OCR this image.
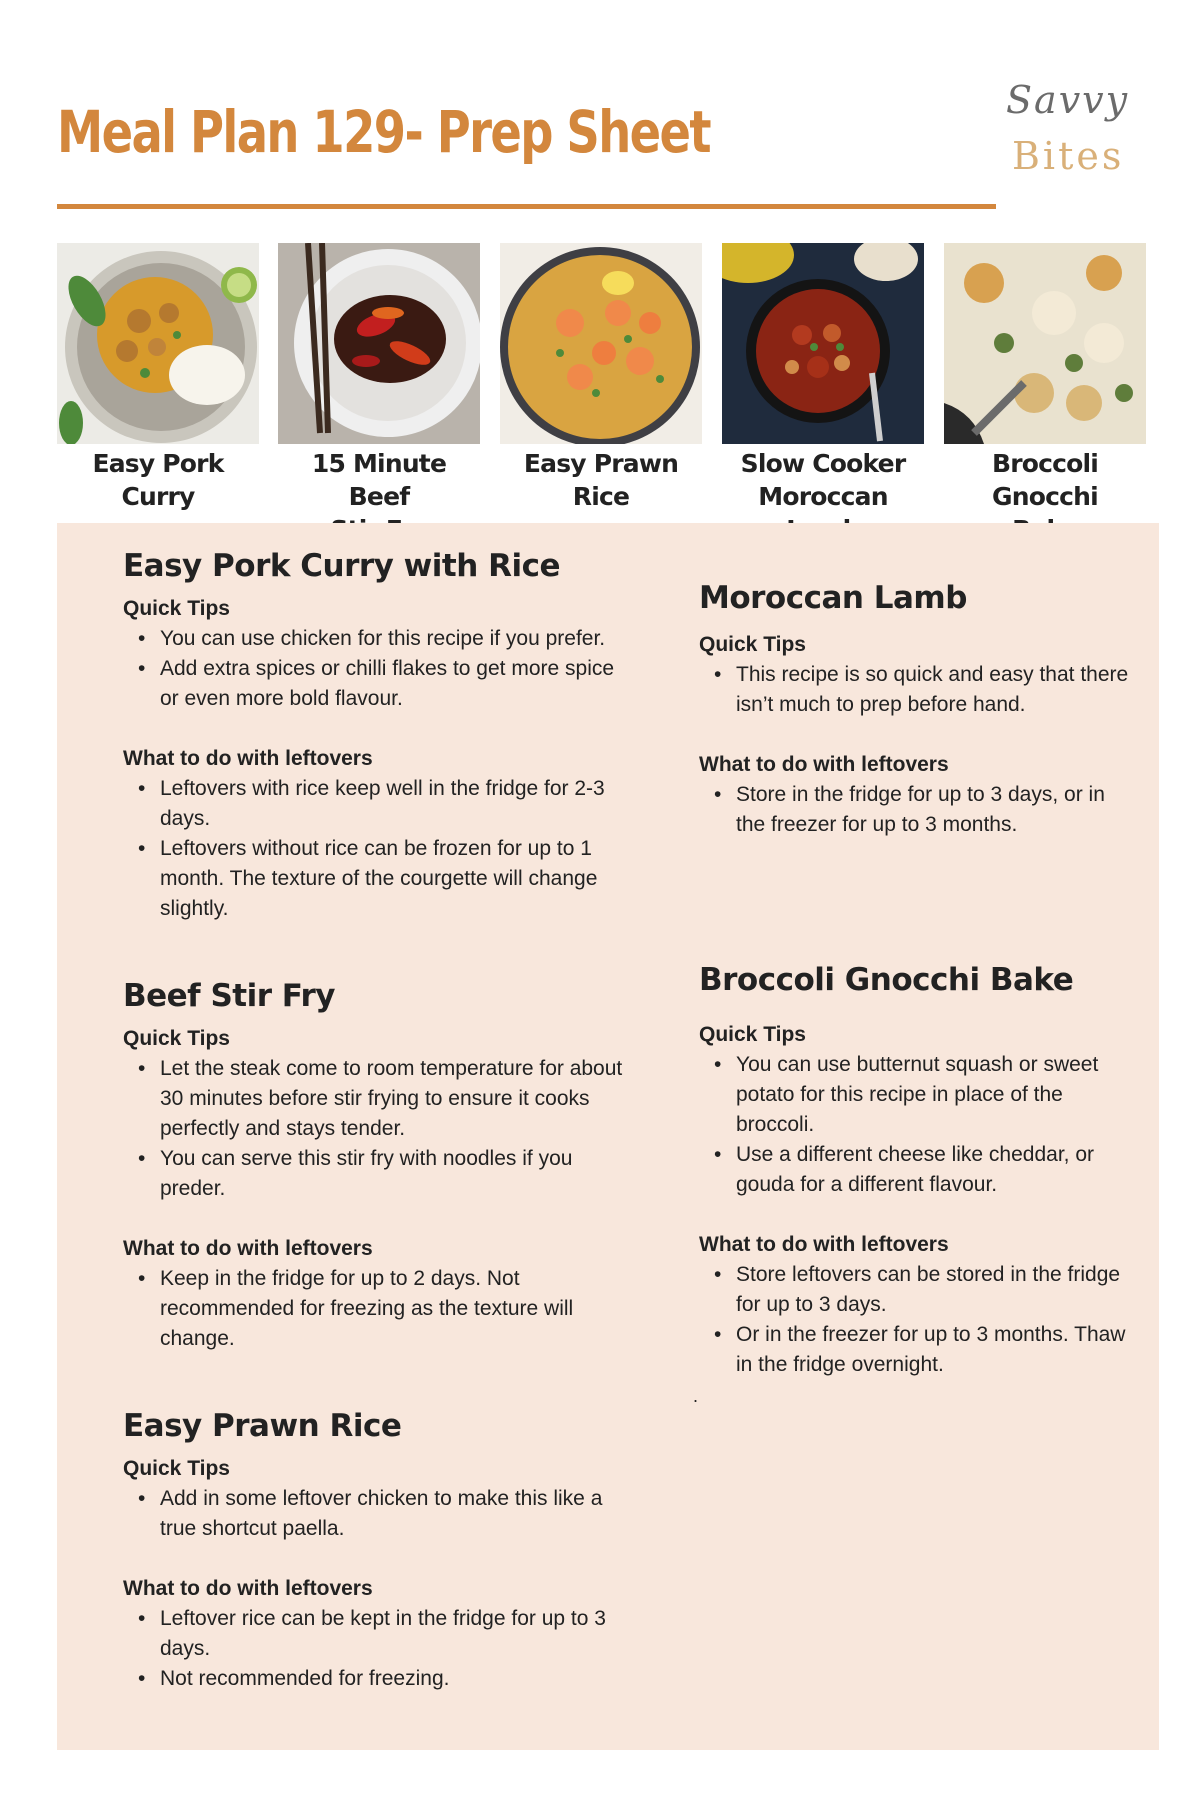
Meal Plan 129- Prep Sheet	Savvy
Bites
Easy Pork
Curry
15 Minute Beef
Easy Prawn
Rice
Slow Cooker
Moroccan
Broccoli Gnocchi
Easy Pork Curry with Rice
Quick Tips
• You can use chicken for this recipe if you prefer.
• Add extra spices or chilli flakes to get more spice or even more bold flavour.
What to do with leftovers
• Leftovers with rice keep well in the fridge for 2-3 days.
• Leftovers without rice can be frozen for up to 1 month. The texture of the courgette will change slightly.
Beef Stir Fry
Quick Tips
• Let the steak come to room temperature for about 30 minutes before stir frying to ensure it cooks perfectly and stays tender.
• You can serve this stir fry with noodles if you preder.
What to do with leftovers
• Keep in the fridge for up to 2 days. Not recommended for freezing as the texture will change.
Easy Prawn Rice
Quick Tips
• Add in some leftover chicken to make this like a true shortcut paella.
What to do with leftovers
• Leftover rice can be kept in the fridge for up to 3 days.
• Not recommended for freezing.
Moroccan Lamb
Quick Tips
• This recipe is so quick and easy that there isn’t much to prep before hand.
What to do with leftovers
• Store in the fridge for up to 3 days, or in the freezer for up to 3 months.
Broccoli Gnocchi Bake
Quick Tips
• You can use butternut squash or sweet potato for this recipe in place of the broccoli.
• Use a different cheese like cheddar, or gouda for a different flavour.
What to do with leftovers
• Store leftovers can be stored in the fridge for up to 3 days.
• Or in the freezer for up to 3 months. Thaw in the fridge overnight.
.
